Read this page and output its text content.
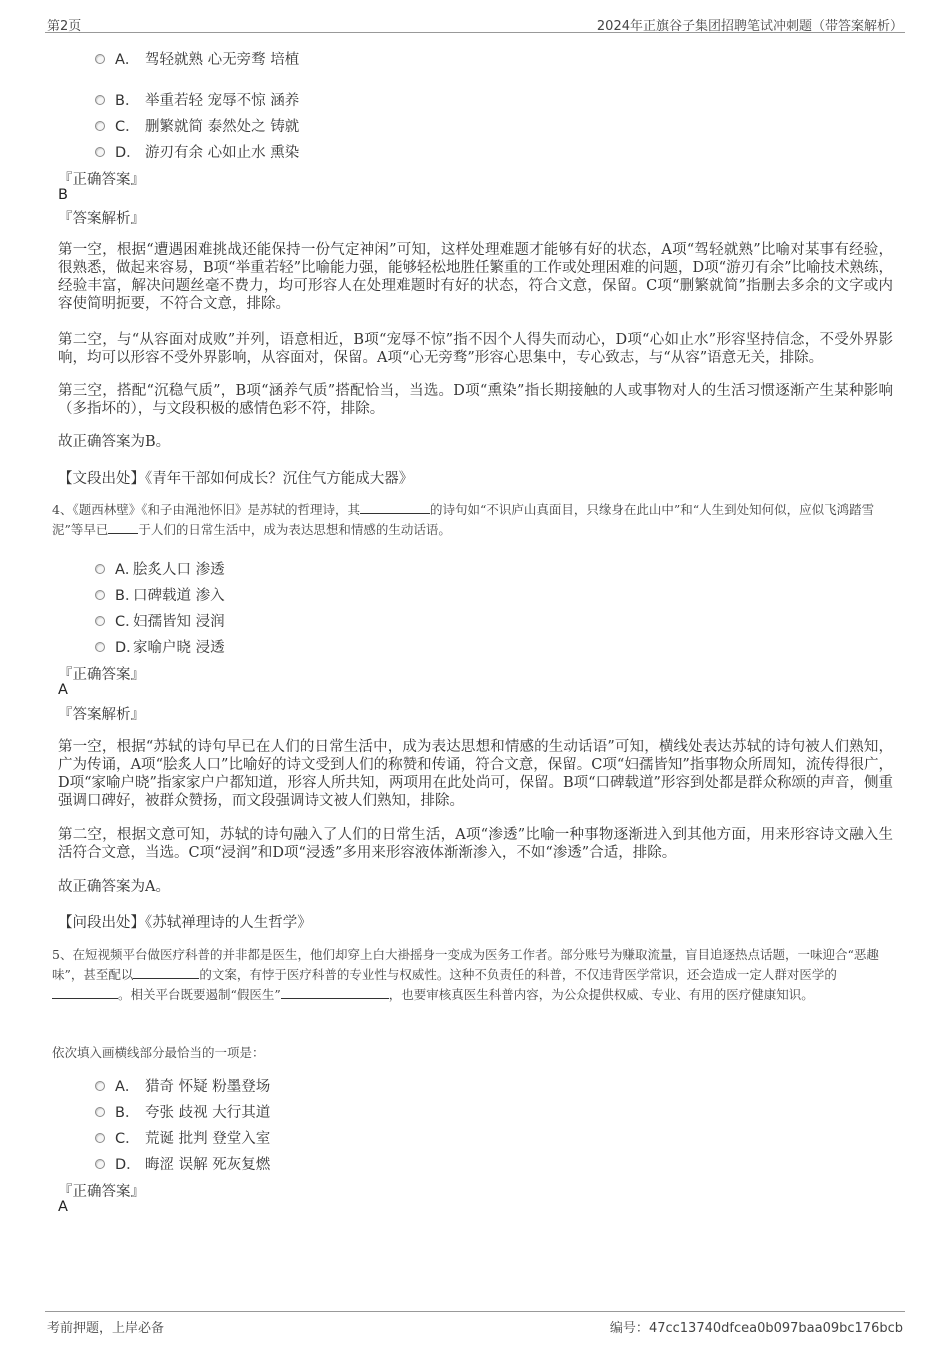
第2页	2024年正旗谷子集团招聘笔试冲刺题（带答案解析）
A． 驾轻就熟 心无旁骛 培植
B． 举重若轻 宠辱不惊 涵养
C． 删繁就简 泰然处之 铸就
D． 游刃有余 心如止水 熏染
『正确答案』
B
『答案解析』
第一空，根据“遭遇困难挑战还能保持一份气定神闲”可知，这样处理难题才能够有好的状态，A项“驾轻就熟”比喻对某事有经验，很熟悉，做起来容易，B项“举重若轻”比喻能力强，能够轻松地胜任繁重的工作或处理困难的问题，D项“游刃有余”比喻技术熟练，经验丰富，解决问题丝毫不费力，均可形容人在处理难题时有好的状态，符合文意，保留。C项“删繁就简”指删去多余的文字或内容使简明扼要，不符合文意，排除。
第二空，与“从容面对成败”并列，语意相近，B项“宠辱不惊”指不因个人得失而动心，D项“心如止水”形容坚持信念，不受外界影响，均可以形容不受外界影响，从容面对，保留。A项“心无旁骛”形容心思集中，专心致志，与“从容”语意无关，排除。
第三空，搭配“沉稳气质”，B项“涵养气质”搭配恰当，当选。D项“熏染”指长期接触的人或事物对人的生活习惯逐渐产生某种影响（多指坏的），与文段积极的感情色彩不符，排除。
故正确答案为B。
【文段出处】《青年干部如何成长？沉住气方能成大器》
4、《题西林壁》《和子由渑池怀旧》是苏轼的哲理诗，其	的诗句如“不识庐山真面目，只缘身在此山中”和“人生到处知何似，应似飞鸿踏雪泥”等早已 于人们的日常生活中，成为表达思想和情感的生动话语。
A．
脍炙人口 渗透
B．
口碑载道 渗入
C．
妇孺皆知 浸润
D．
家喻户晓 浸透
『正确答案』
A
『答案解析』
第一空，根据“苏轼的诗句早已在人们的日常生活中，成为表达思想和情感的生动话语”可知，横线处表达苏轼的诗句被人们熟知，广为传诵，A项“脍炙人口”比喻好的诗文受到人们的称赞和传诵，符合文意，保留。C项“妇孺皆知”指事物众所周知，流传得很广，D项“家喻户晓”指家家户户都知道，形容人所共知，两项用在此处尚可，保留。B项“口碑载道”形容到处都是群众称颂的声音，侧重强调口碑好，被群众赞扬，而文段强调诗文被人们熟知，排除。
第二空，根据文意可知，苏轼的诗句融入了人们的日常生活，A项“渗透”比喻一种事物逐渐进入到其他方面，用来形容诗文融入生活符合文意，当选。C项“浸润”和D项“浸透”多用来形容液体渐渐渗入，不如“渗透”合适，排除。
故正确答案为A。
【问段出处】《苏轼禅理诗的人生哲学》
5、在短视频平台做医疗科普的并非都是医生，他们却穿上白大褂摇身一变成为医务工作者。部分账号为赚取流量，盲目追逐热点话题，一味迎合“恶趣味”，甚至配以	的文案，有悖于医疗科普的专业性与权威性。这种不负责任的科普，不仅违背医学常识，还会造成一定人群对医学的。相关平台既要遏制“假医生”	，也要审核真医生科普内容，为公众提供权威、专业、有用的医疗健康知识。
依次填入画横线部分最恰当的一项是：
A． 猎奇 怀疑 粉墨登场
B． 夸张 歧视 大行其道
C． 荒诞 批判 登堂入室
D． 晦涩 误解 死灰复燃
『正确答案』
A
考前押题，上岸必备	编号：47cc13740dfcea0b097baa09bc176bcb
